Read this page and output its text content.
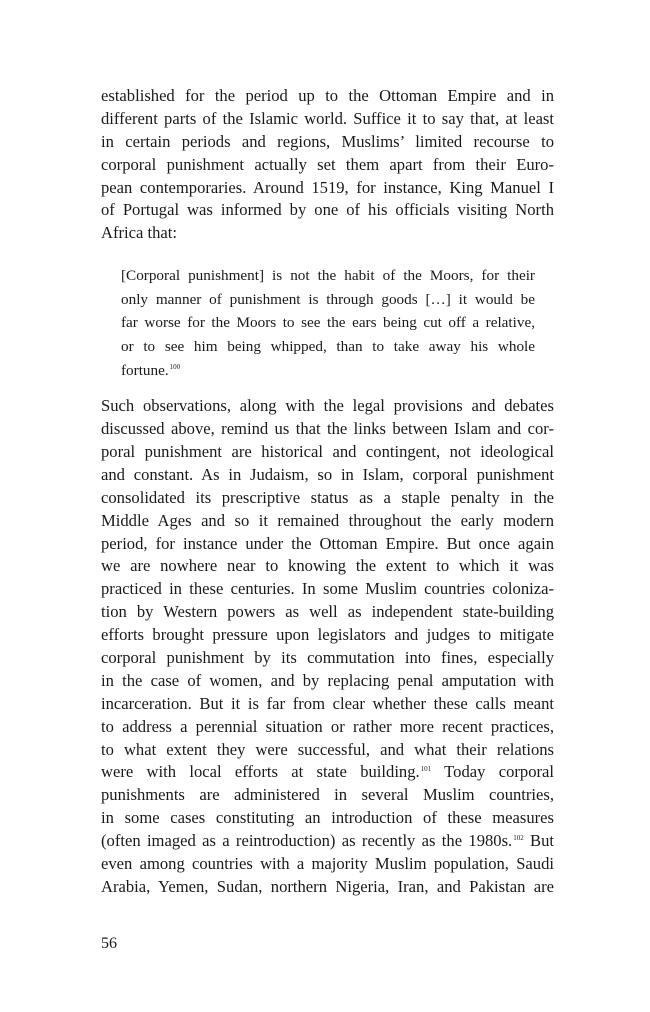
established for the period up to the Ottoman Empire and in
different parts of the Islamic world. Suffice it to say that, at least
in certain periods and regions, Muslims’ limited recourse to
corporal punishment actually set them apart from their Euro-
pean contemporaries. Around 1519, for instance, King Manuel I
of Portugal was informed by one of his officials visiting North
Africa that:
[Corporal punishment] is not the habit of the Moors, for their
only manner of punishment is through goods […] it would be
far worse for the Moors to see the ears being cut off a relative,
or to see him being whipped, than to take away his whole
fortune.$^{100}$
Such observations, along with the legal provisions and debates
discussed above, remind us that the links between Islam and cor-
poral punishment are historical and contingent, not ideological
and constant. As in Judaism, so in Islam, corporal punishment
consolidated its prescriptive status as a staple penalty in the
Middle Ages and so it remained throughout the early modern
period, for instance under the Ottoman Empire. But once again
we are nowhere near to knowing the extent to which it was
practiced in these centuries. In some Muslim countries coloniza-
tion by Western powers as well as independent state-building
efforts brought pressure upon legislators and judges to mitigate
corporal punishment by its commutation into fines, especially
in the case of women, and by replacing penal amputation with
incarceration. But it is far from clear whether these calls meant
to address a perennial situation or rather more recent practices,
to what extent they were successful, and what their relations
were with local efforts at state building.$^{101}$ Today corporal
punishments are administered in several Muslim countries,
in some cases constituting an introduction of these measures
(often imaged as a reintroduction) as recently as the 1980s.$^{102}$ But
even among countries with a majority Muslim population, Saudi
Arabia, Yemen, Sudan, northern Nigeria, Iran, and Pakistan are
56
